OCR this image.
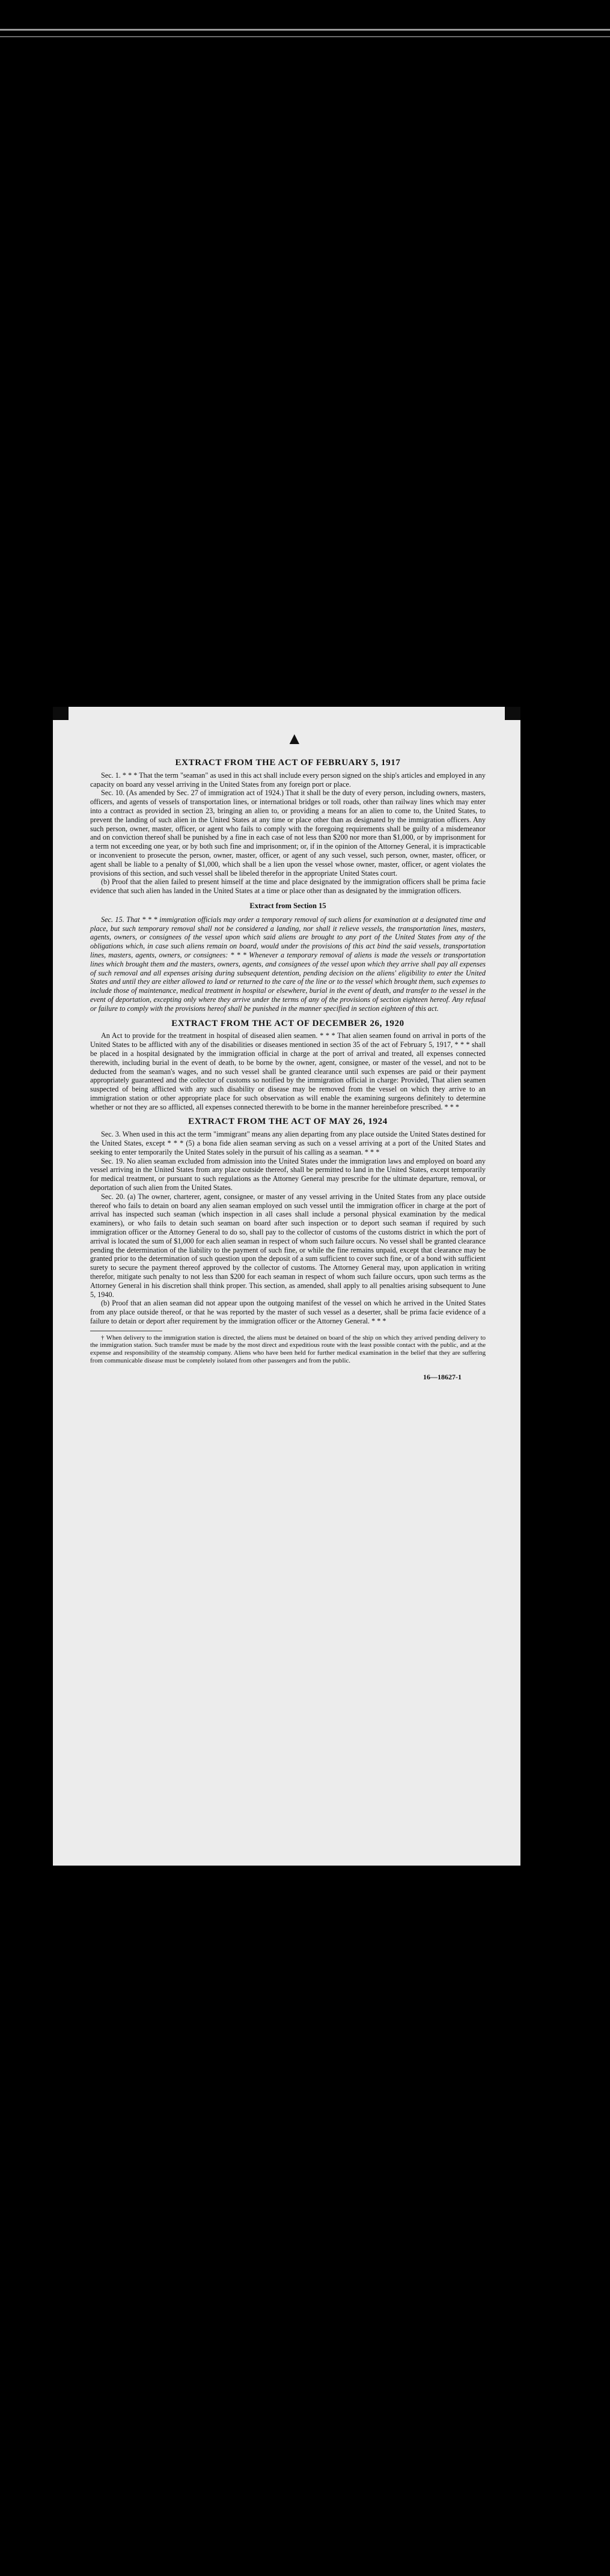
▲
EXTRACT FROM THE ACT OF FEBRUARY 5, 1917

Sec. 1. * * * That the term "seaman" as used in this act shall include every person signed on the ship's articles and employed in any capacity on board any vessel arriving in the United States from any foreign port or place.

Sec. 10. (As amended by Sec. 27 of immigration act of 1924.) That it shall be the duty of every person, including owners, masters, officers, and agents of vessels of transportation lines, or international bridges or toll roads, other than railway lines which may enter into a contract as provided in section 23, bringing an alien to, or providing a means for an alien to come to, the United States, to prevent the landing of such alien in the United States at any time or place other than as designated by the immigration officers. Any such person, owner, master, officer, or agent who fails to comply with the foregoing requirements shall be guilty of a misdemeanor and on conviction thereof shall be punished by a fine in each case of not less than $200 nor more than $1,000, or by imprisonment for a term not exceeding one year, or by both such fine and imprisonment; or, if in the opinion of the Attorney General, it is impracticable or inconvenient to prosecute the person, owner, master, officer, or agent of any such vessel, such person, owner, master, officer, or agent shall be liable to a penalty of $1,000, which shall be a lien upon the vessel whose owner, master, officer, or agent violates the provisions of this section, and such vessel shall be libeled therefor in the appropriate United States court.

(b) Proof that the alien failed to present himself at the time and place designated by the immigration officers shall be prima facie evidence that such alien has landed in the United States at a time or place other than as designated by the immigration officers.

Extract from Section 15

Sec. 15. That * * * immigration officials may order a temporary removal of such aliens for examination at a designated time and place, but such temporary removal shall not be considered a landing, nor shall it relieve vessels, the transportation lines, masters, agents, owners, or consignees of the vessel upon which said aliens are brought to any port of the United States from any of the obligations which, in case such aliens remain on board, would under the provisions of this act bind the said vessels, transportation lines, masters, agents, owners, or consignees: * * * Whenever a temporary removal of aliens is made the vessels or transportation lines which brought them and the masters, owners, agents, and consignees of the vessel upon which they arrive shall pay all expenses of such removal and all expenses arising during subsequent detention, pending decision on the aliens' eligibility to enter the United States and until they are either allowed to land or returned to the care of the line or to the vessel which brought them, such expenses to include those of maintenance, medical treatment in hospital or elsewhere, burial in the event of death, and transfer to the vessel in the event of deportation, excepting only where they arrive under the terms of any of the provisions of section eighteen hereof. Any refusal or failure to comply with the provisions hereof shall be punished in the manner specified in section eighteen of this act.

EXTRACT FROM THE ACT OF DECEMBER 26, 1920

An Act to provide for the treatment in hospital of diseased alien seamen. * * * That alien seamen found on arrival in ports of the United States to be afflicted with any of the disabilities or diseases mentioned in section 35 of the act of February 5, 1917, * * * shall be placed in a hospital designated by the immigration official in charge at the port of arrival and treated, all expenses connected therewith, including burial in the event of death, to be borne by the owner, agent, consignee, or master of the vessel, and not to be deducted from the seaman's wages, and no such vessel shall be granted clearance until such expenses are paid or their payment appropriately guaranteed and the collector of customs so notified by the immigration official in charge: Provided, That alien seamen suspected of being afflicted with any such disability or disease may be removed from the vessel on which they arrive to an immigration station or other appropriate place for such observation as will enable the examining surgeons definitely to determine whether or not they are so afflicted, all expenses connected therewith to be borne in the manner hereinbefore prescribed. * * *

EXTRACT FROM THE ACT OF MAY 26, 1924

Sec. 3. When used in this act the term "immigrant" means any alien departing from any place outside the United States destined for the United States, except * * * (5) a bona fide alien seaman serving as such on a vessel arriving at a port of the United States and seeking to enter temporarily the United States solely in the pursuit of his calling as a seaman. * * *

Sec. 19. No alien seaman excluded from admission into the United States under the immigration laws and employed on board any vessel arriving in the United States from any place outside thereof, shall be permitted to land in the United States, except temporarily for medical treatment, or pursuant to such regulations as the Attorney General may prescribe for the ultimate departure, removal, or deportation of such alien from the United States.

Sec. 20. (a) The owner, charterer, agent, consignee, or master of any vessel arriving in the United States from any place outside thereof who fails to detain on board any alien seaman employed on such vessel until the immigration officer in charge at the port of arrival has inspected such seaman (which inspection in all cases shall include a personal physical examination by the medical examiners), or who fails to detain such seaman on board after such inspection or to deport such seaman if required by such immigration officer or the Attorney General to do so, shall pay to the collector of customs of the customs district in which the port of arrival is located the sum of $1,000 for each alien seaman in respect of whom such failure occurs. No vessel shall be granted clearance pending the determination of the liability to the payment of such fine, or while the fine remains unpaid, except that clearance may be granted prior to the determination of such question upon the deposit of a sum sufficient to cover such fine, or of a bond with sufficient surety to secure the payment thereof approved by the collector of customs. The Attorney General may, upon application in writing therefor, mitigate such penalty to not less than $200 for each seaman in respect of whom such failure occurs, upon such terms as the Attorney General in his discretion shall think proper. This section, as amended, shall apply to all penalties arising subsequent to June 5, 1940.

(b) Proof that an alien seaman did not appear upon the outgoing manifest of the vessel on which he arrived in the United States from any place outside thereof, or that he was reported by the master of such vessel as a deserter, shall be prima facie evidence of a failure to detain or deport after requirement by the immigration officer or the Attorney General. * * *

† When delivery to the immigration station is directed, the aliens must be detained on board of the ship on which they arrived pending delivery to the immigration station. Such transfer must be made by the most direct and expeditious route with the least possible contact with the public, and at the expense and responsibility of the steamship company. Aliens who have been held for further medical examination in the belief that they are suffering from communicable disease must be completely isolated from other passengers and from the public.

16—18627-1
